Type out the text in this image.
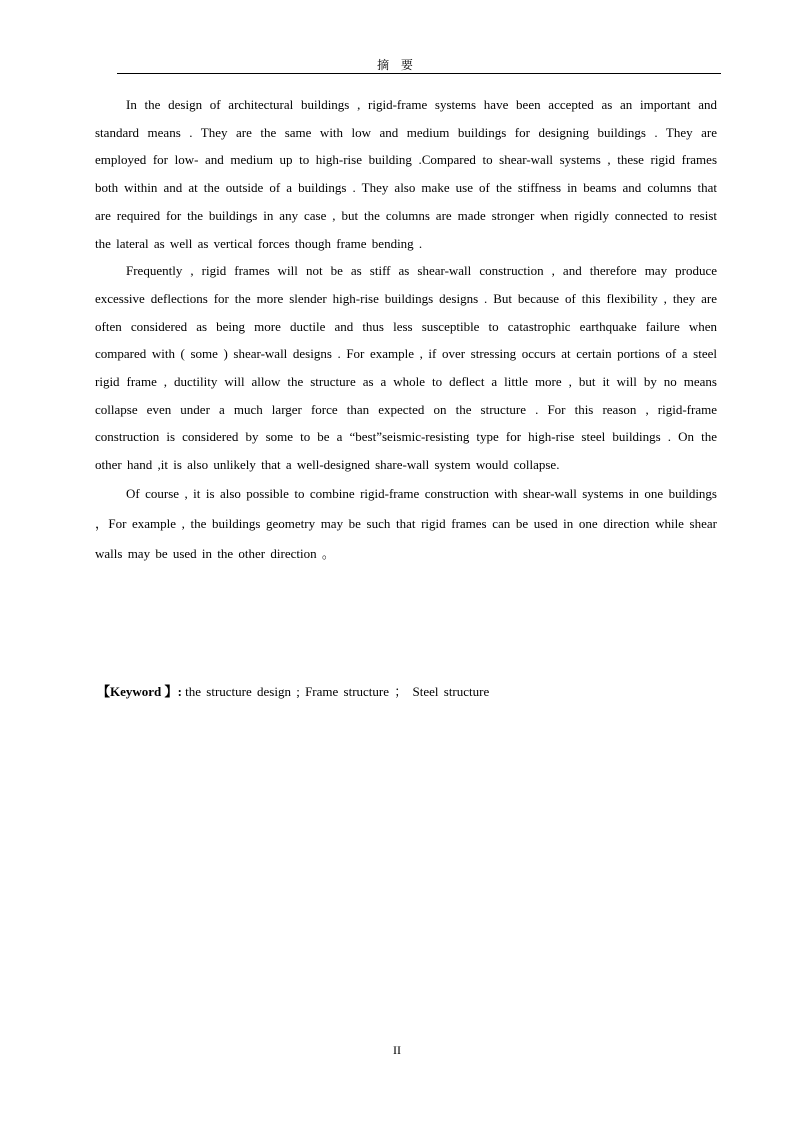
摘 要

In the design of architectural buildings , rigid-frame systems have been accepted as an important and standard means . They are the same with low and medium buildings for designing buildings . They are employed for low- and medium up to high-rise building .Compared to shear-wall systems , these rigid frames both within and at the outside of a buildings . They also make use of the stiffness in beams and columns that are required for the buildings in any case , but the columns are made stronger when rigidly connected to resist the lateral as well as vertical forces though frame bending .

Frequently , rigid frames will not be as stiff as shear-wall construction , and therefore may produce excessive deflections for the more slender high-rise buildings designs . But because of this flexibility , they are often considered as being more ductile and thus less susceptible to catastrophic earthquake failure when compared with ( some ) shear-wall designs . For example , if over stressing occurs at certain portions of a steel rigid frame , ductility will allow the structure as a whole to deflect a little more , but it will by no means collapse even under a much larger force than expected on the structure . For this reason , rigid-frame construction is considered by some to be a “best”seismic-resisting type for high-rise steel buildings . On the other hand ,it is also unlikely that a well-designed share-wall system would collapse.

Of course , it is also possible to combine rigid-frame construction with shear-wall systems in one buildings ，For example , the buildings geometry may be such that rigid frames can be used in one direction while shear walls may be used in the other direction 。

【Keyword 】: the structure design ; Frame structure ； Steel structure
II
